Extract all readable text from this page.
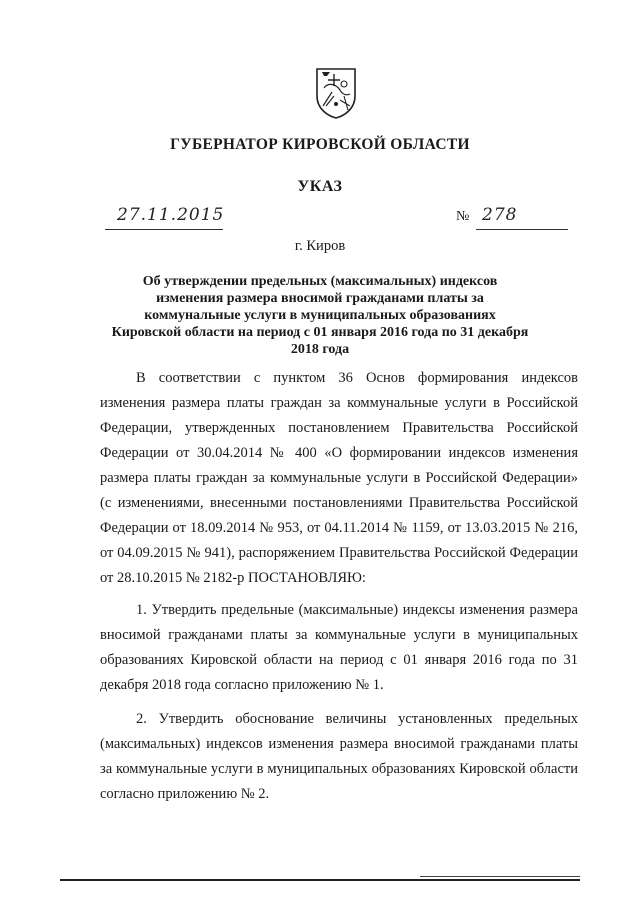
ГУБЕРНАТОР КИРОВСКОЙ ОБЛАСТИ
УКАЗ
27.11.2015	№ 278
г. Киров
Об утверждении предельных (максимальных) индексов изменения размера вносимой гражданами платы за коммунальные услуги в муниципальных образованиях Кировской области на период с 01 января 2016 года по 31 декабря 2018 года

В соответствии с пунктом 36 Основ формирования индексов изменения размера платы граждан за коммунальные услуги в Российской Федерации, утвержденных постановлением Правительства Российской Федерации от 30.04.2014 № 400 «О формировании индексов изменения размера платы граждан за коммунальные услуги в Российской Федерации» (с изменениями, внесенными постановлениями Правительства Российской Федерации от 18.09.2014 № 953, от 04.11.2014 № 1159, от 13.03.2015 № 216, от 04.09.2015 № 941), распоряжением Правительства Российской Федерации от 28.10.2015 № 2182-р ПОСТАНОВЛЯЮ:

1. Утвердить предельные (максимальные) индексы изменения размера вносимой гражданами платы за коммунальные услуги в муниципальных образованиях Кировской области на период с 01 января 2016 года по 31 декабря 2018 года согласно приложению № 1.

2. Утвердить обоснование величины установленных предельных (максимальных) индексов изменения размера вносимой гражданами платы за коммунальные услуги в муниципальных образованиях Кировской области согласно приложению № 2.
